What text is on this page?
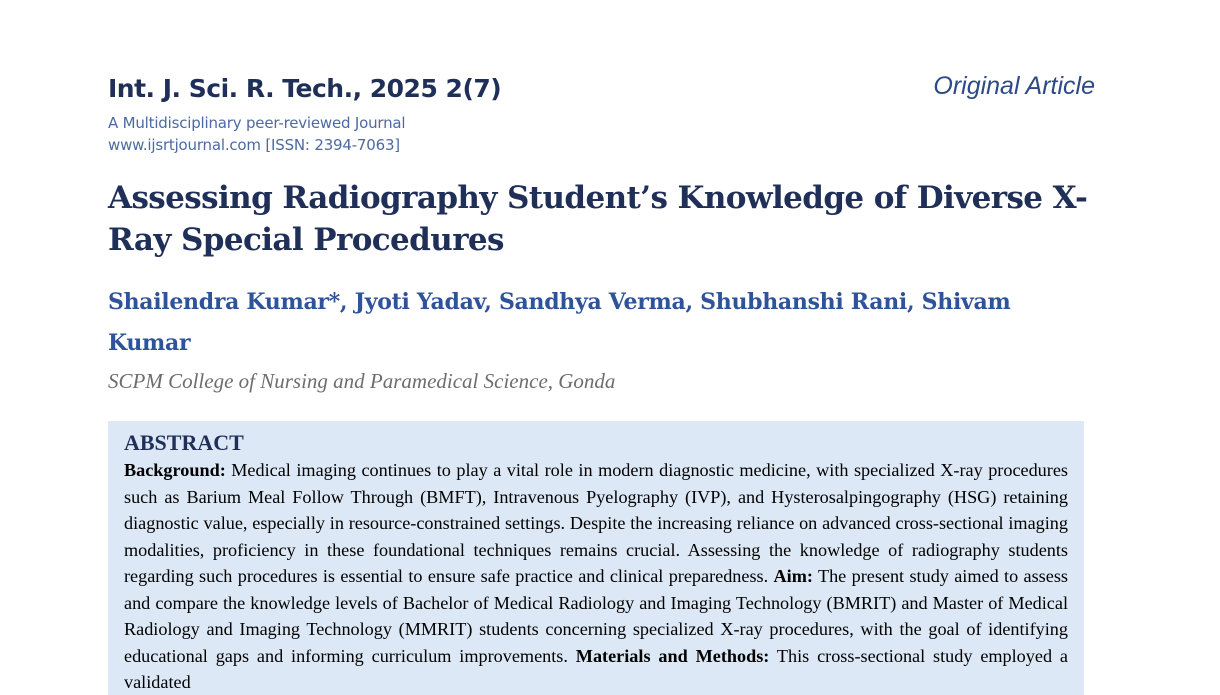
Int. J. Sci. R. Tech., 2025 2(7)
A Multidisciplinary peer-reviewed Journal
www.ijsrtjournal.com [ISSN: 2394-7063]
Original Article
Assessing Radiography Student’s Knowledge of Diverse X-Ray Special Procedures

Shailendra Kumar*, Jyoti Yadav, Sandhya Verma, Shubhanshi Rani, Shivam Kumar

SCPM College of Nursing and Paramedical Science, Gonda
ABSTRACT

Background: Medical imaging continues to play a vital role in modern diagnostic medicine, with specialized X-ray procedures such as Barium Meal Follow Through (BMFT), Intravenous Pyelography (IVP), and Hysterosalpingography (HSG) retaining diagnostic value, especially in resource-constrained settings. Despite the increasing reliance on advanced cross-sectional imaging modalities, proficiency in these foundational techniques remains crucial. Assessing the knowledge of radiography students regarding such procedures is essential to ensure safe practice and clinical preparedness. Aim: The present study aimed to assess and compare the knowledge levels of Bachelor of Medical Radiology and Imaging Technology (BMRIT) and Master of Medical Radiology and Imaging Technology (MMRIT) students concerning specialized X-ray procedures, with the goal of identifying educational gaps and informing curriculum improvements. Materials and Methods: This cross-sectional study employed a validated
